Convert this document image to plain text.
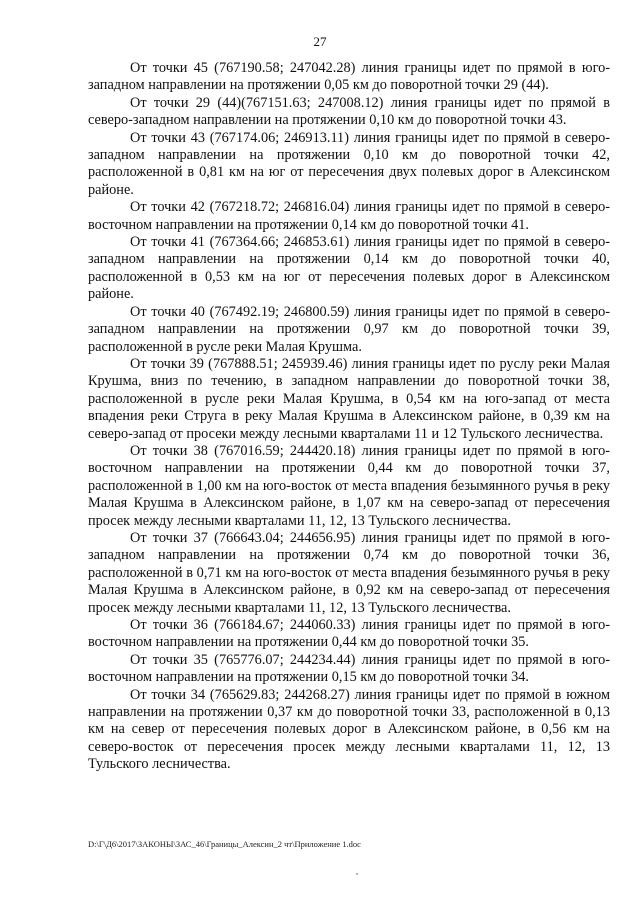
27

От точки 45 (767190.58; 247042.28) линия границы идет по прямой в юго-западном направлении на протяжении 0,05 км до поворотной точки 29 (44).

От точки 29 (44)(767151.63; 247008.12) линия границы идет по прямой в северо-западном направлении на протяжении 0,10 км до поворотной точки 43.

От точки 43 (767174.06; 246913.11) линия границы идет по прямой в северо-западном направлении на протяжении 0,10 км до поворотной точки 42, расположенной в 0,81 км на юг от пересечения двух полевых дорог в Алексинском районе.

От точки 42 (767218.72; 246816.04) линия границы идет по прямой в северо-восточном направлении на протяжении 0,14 км до поворотной точки 41.

От точки 41 (767364.66; 246853.61) линия границы идет по прямой в северо-западном направлении на протяжении 0,14 км до поворотной точки 40, расположенной в 0,53 км на юг от пересечения полевых дорог в Алексинском районе.

От точки 40 (767492.19; 246800.59) линия границы идет по прямой в северо-западном направлении на протяжении 0,97 км до поворотной точки 39, расположенной в русле реки Малая Крушма.

От точки 39 (767888.51; 245939.46) линия границы идет по руслу реки Малая Крушма, вниз по течению, в западном направлении до поворотной точки 38, расположенной в русле реки Малая Крушма, в 0,54 км на юго-запад от места впадения реки Струга в реку Малая Крушма в Алексинском районе, в 0,39 км на северо-запад от просеки между лесными кварталами 11 и 12 Тульского лесничества.

От точки 38 (767016.59; 244420.18) линия границы идет по прямой в юго-восточном направлении на протяжении 0,44 км до поворотной точки 37, расположенной в 1,00 км на юго-восток от места впадения безымянного ручья в реку Малая Крушма в Алексинском районе, в 1,07 км на северо-запад от пересечения просек между лесными кварталами 11, 12, 13 Тульского лесничества.

От точки 37 (766643.04; 244656.95) линия границы идет по прямой в юго-западном направлении на протяжении 0,74 км до поворотной точки 36, расположенной в 0,71 км на юго-восток от места впадения безымянного ручья в реку Малая Крушма в Алексинском районе, в 0,92 км на северо-запад от пересечения просек между лесными кварталами 11, 12, 13 Тульского лесничества.

От точки 36 (766184.67; 244060.33) линия границы идет по прямой в юго-восточном направлении на протяжении 0,44 км до поворотной точки 35.

От точки 35 (765776.07; 244234.44) линия границы идет по прямой в юго-восточном направлении на протяжении 0,15 км до поворотной точки 34.

От точки 34 (765629.83; 244268.27) линия границы идет по прямой в южном направлении на протяжении 0,37 км до поворотной точки 33, расположенной в 0,13 км на север от пересечения полевых дорог в Алексинском районе, в 0,56 км на северо-восток от пересечения просек между лесными кварталами 11, 12, 13 Тульского лесничества.

D:\Г\Д6\2017\ЗАКОНЫ\ЗАС_46\Границы_Алексин_2 чт\Приложение 1.doc
